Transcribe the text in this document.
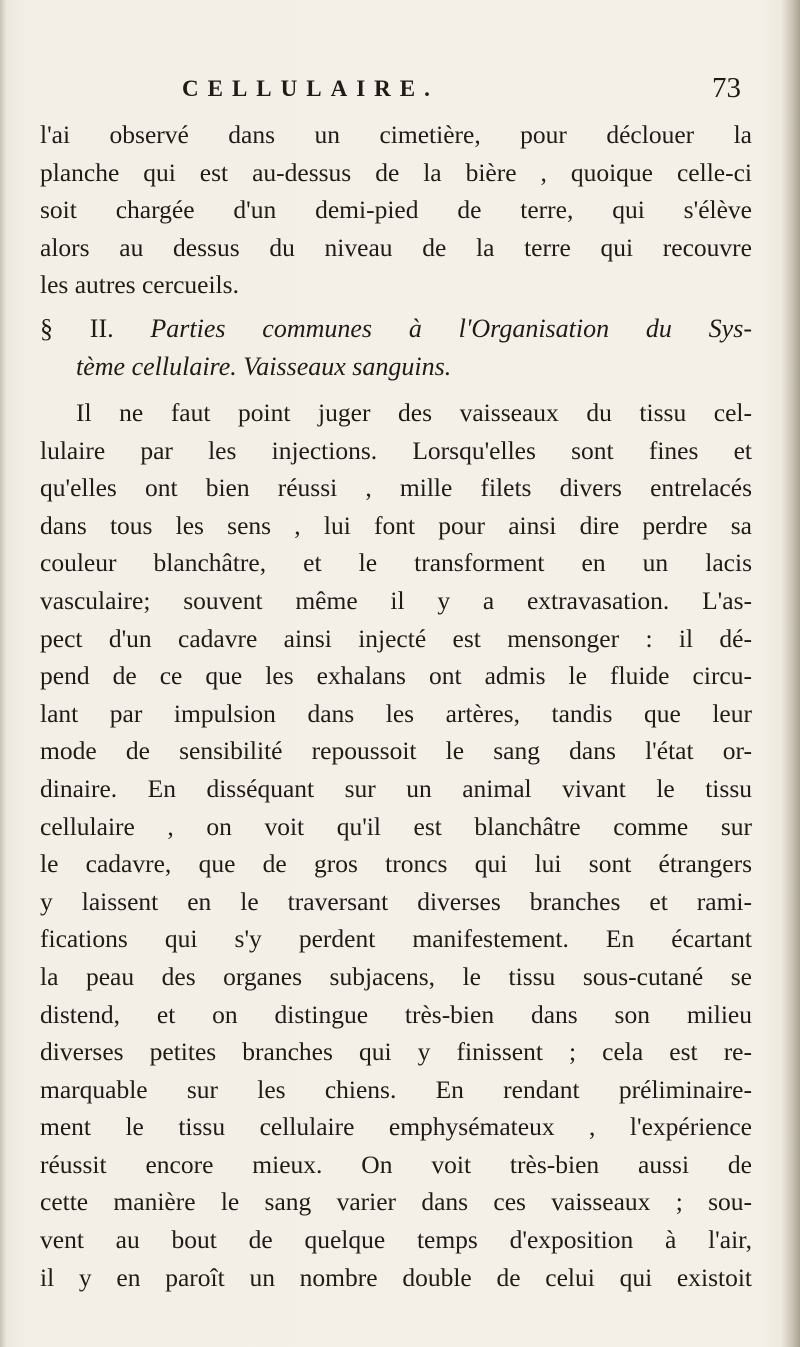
CELLULAIRE.	73
l'ai observé dans un cimetière, pour déclouer la
planche qui est au-dessus de la bière , quoique celle-ci
soit chargée d'un demi-pied de terre, qui s'élève
alors au dessus du niveau de la terre qui recouvre
les autres cercueils.
§ II. Parties communes à l'Organisation du Sys-
tème cellulaire. Vaisseaux sanguins.
Il ne faut point juger des vaisseaux du tissu cel-
lulaire par les injections. Lorsqu'elles sont fines et
qu'elles ont bien réussi , mille filets divers entrelacés
dans tous les sens , lui font pour ainsi dire perdre sa
couleur blanchâtre, et le transforment en un lacis
vasculaire; souvent même il y a extravasation. L'as-
pect d'un cadavre ainsi injecté est mensonger : il dé-
pend de ce que les exhalans ont admis le fluide circu-
lant par impulsion dans les artères, tandis que leur
mode de sensibilité repoussoit le sang dans l'état or-
dinaire. En disséquant sur un animal vivant le tissu
cellulaire , on voit qu'il est blanchâtre comme sur
le cadavre, que de gros troncs qui lui sont étrangers
y laissent en le traversant diverses branches et rami-
fications qui s'y perdent manifestement. En écartant
la peau des organes subjacens, le tissu sous-cutané se
distend, et on distingue très-bien dans son milieu
diverses petites branches qui y finissent ; cela est re-
marquable sur les chiens. En rendant préliminaire-
ment le tissu cellulaire emphysémateux , l'expérience
réussit encore mieux. On voit très-bien aussi de
cette manière le sang varier dans ces vaisseaux ; sou-
vent au bout de quelque temps d'exposition à l'air,
il y en paroît un nombre double de celui qui existoit
